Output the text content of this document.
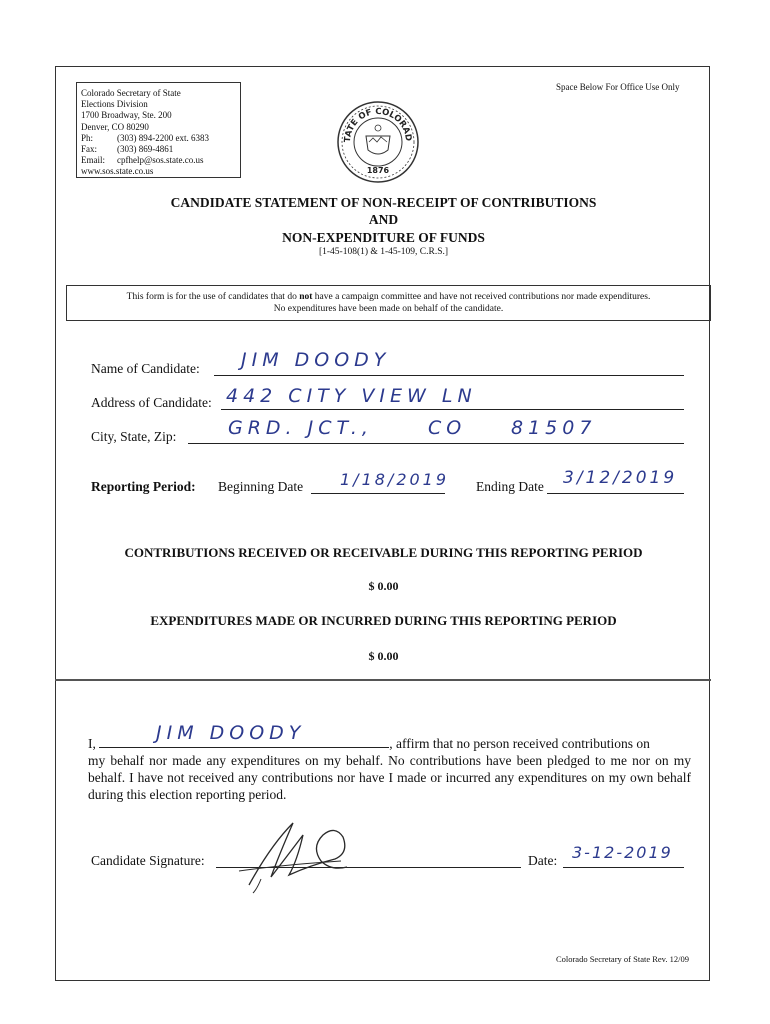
Colorado Secretary of State
Elections Division
1700 Broadway, Ste. 200
Denver, CO 80290
Ph:	(303) 894-2200 ext. 6383
Fax: (303) 869-4861
Email: cpfhelp@sos.state.co.us
www.sos.state.co.us
Space Below For Office Use Only
TATE OF COLORAD
1876
CANDIDATE STATEMENT OF NON-RECEIPT OF CONTRIBUTIONS
AND
NON-EXPENDITURE OF FUNDS
[1-45-108(1) & 1-45-109, C.R.S.]
This form is for the use of candidates that do not have a campaign committee and have not received contributions nor made expenditures.
No expenditures have been made on behalf of the candidate.
Name of Candidate: JIM DOODY
Address of Candidate: 442 CITY VIEW LN
City, State, Zip:	GRD. JCT.,	CO 81507
Reporting Period: Beginning Date 1/18/2019 Ending Date 3/12/2019
CONTRIBUTIONS RECEIVED OR RECEIVABLE DURING THIS REPORTING PERIOD
$ 0.00
EXPENDITURES MADE OR INCURRED DURING THIS REPORTING PERIOD
$ 0.00
I,	, affirm that no person received contributions on
JIM DOODY
my behalf nor made any expenditures on my behalf. No contributions have been pledged to me nor on my behalf. I have not received any contributions nor have I made or incurred any expenditures on my own behalf during this election reporting period.
Candidate Signature:	Date: 3-12-2019
Colorado Secretary of State Rev. 12/09
